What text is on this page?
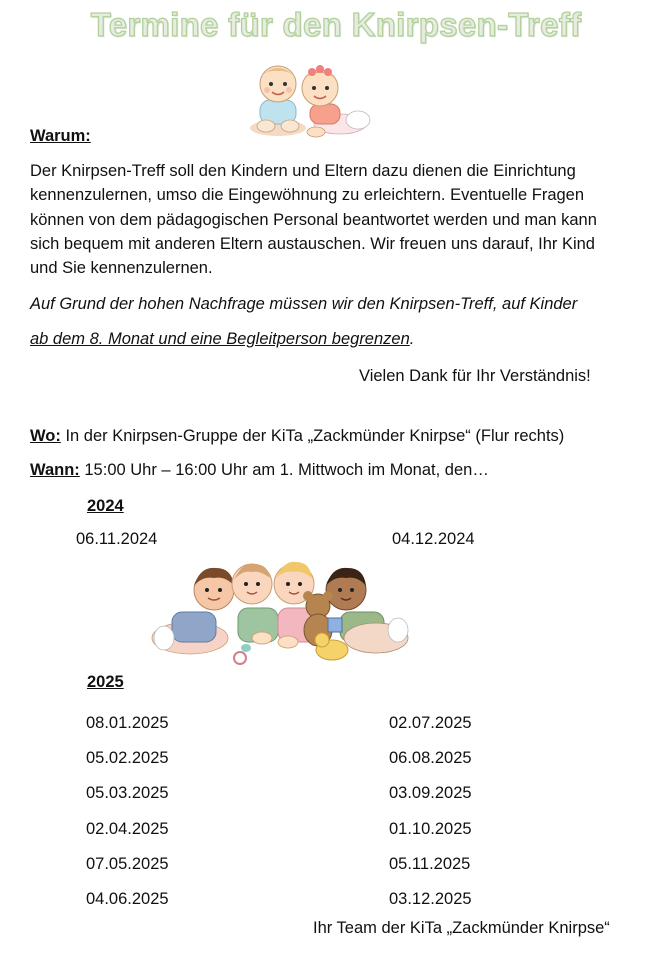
Termine für den Knirpsen-Treff
Warum:
Der Knirpsen-Treff soll den Kindern und Eltern dazu dienen die Einrichtung
kennenzulernen, umso die Eingewöhnung zu erleichtern. Eventuelle Fragen
können von dem pädagogischen Personal beantwortet werden und man kann
sich bequem mit anderen Eltern austauschen. Wir freuen uns darauf, Ihr Kind
und Sie kennenzulernen.
Auf Grund der hohen Nachfrage müssen wir den Knirpsen-Treff, auf Kinder
ab dem 8. Monat und eine Begleitperson begrenzen.
Vielen Dank für Ihr Verständnis!
Wo: In der Knirpsen-Gruppe der KiTa „Zackmünder Knirpse“ (Flur rechts)
Wann: 15:00 Uhr – 16:00 Uhr am 1. Mittwoch im Monat, den…
2024
06.11.2024	04.12.2024
2025
08.01.2025
05.02.2025
05.03.2025
02.04.2025
07.05.2025
04.06.2025
02.07.2025
06.08.2025
03.09.2025
01.10.2025
05.11.2025
03.12.2025
Ihr Team der KiTa „Zackmünder Knirpse“
